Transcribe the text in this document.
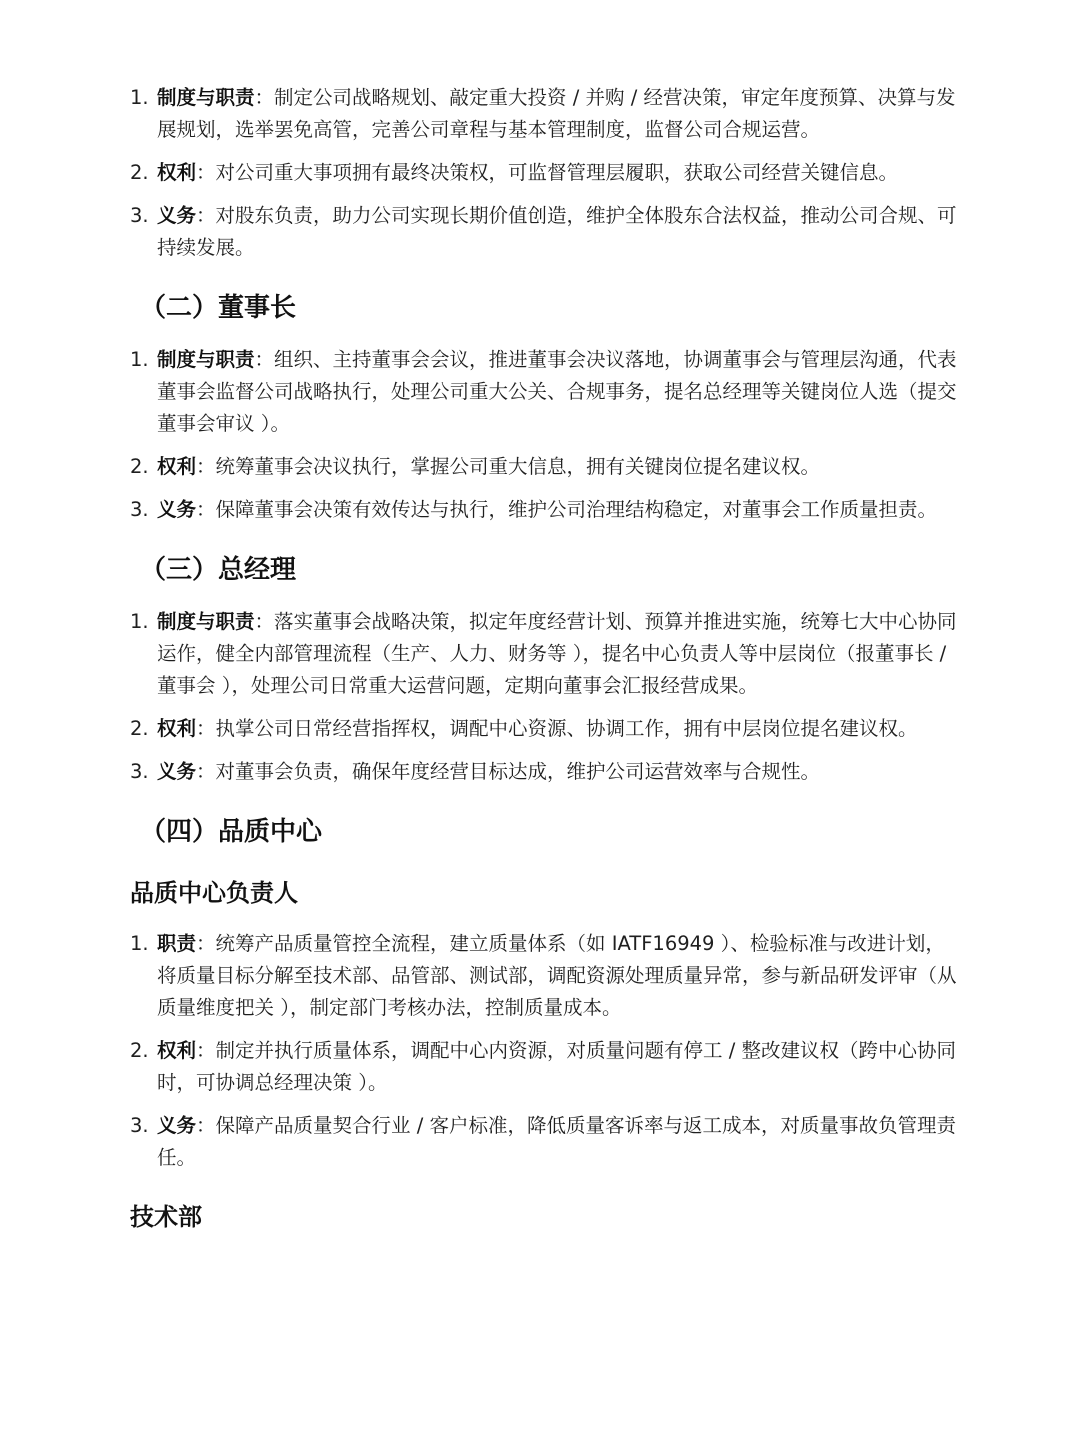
1. 制度与职责：制定公司战略规划、敲定重大投资 / 并购 / 经营决策，审定年度预算、决算与发展规划，选举罢免高管，完善公司章程与基本管理制度，监督公司合规运营。
2. 权利：对公司重大事项拥有最终决策权，可监督管理层履职，获取公司经营关键信息。
3. 义务：对股东负责，助力公司实现长期价值创造，维护全体股东合法权益，推动公司合规、可持续发展。
（二）董事长
1. 制度与职责：组织、主持董事会会议，推进董事会决议落地，协调董事会与管理层沟通，代表董事会监督公司战略执行，处理公司重大公关、合规事务，提名总经理等关键岗位人选（提交董事会审议 ）。
2. 权利：统筹董事会决议执行，掌握公司重大信息，拥有关键岗位提名建议权。
3. 义务：保障董事会决策有效传达与执行，维护公司治理结构稳定，对董事会工作质量担责。
（三）总经理
1. 制度与职责：落实董事会战略决策，拟定年度经营计划、预算并推进实施，统筹七大中心协同运作，健全内部管理流程（生产、人力、财务等 ），提名中心负责人等中层岗位（报董事长 / 董事会 ），处理公司日常重大运营问题，定期向董事会汇报经营成果。
2. 权利：执掌公司日常经营指挥权，调配中心资源、协调工作，拥有中层岗位提名建议权。
3. 义务：对董事会负责，确保年度经营目标达成，维护公司运营效率与合规性。
（四）品质中心
品质中心负责人
1. 职责：统筹产品质量管控全流程，建立质量体系（如 IATF16949 ）、检验标准与改进计划，将质量目标分解至技术部、品管部、测试部，调配资源处理质量异常，参与新品研发评审（从质量维度把关 ），制定部门考核办法，控制质量成本。
2. 权利：制定并执行质量体系，调配中心内资源，对质量问题有停工 / 整改建议权（跨中心协同时，可协调总经理决策 ）。
3. 义务：保障产品质量契合行业 / 客户标准，降低质量客诉率与返工成本，对质量事故负管理责任。
技术部
